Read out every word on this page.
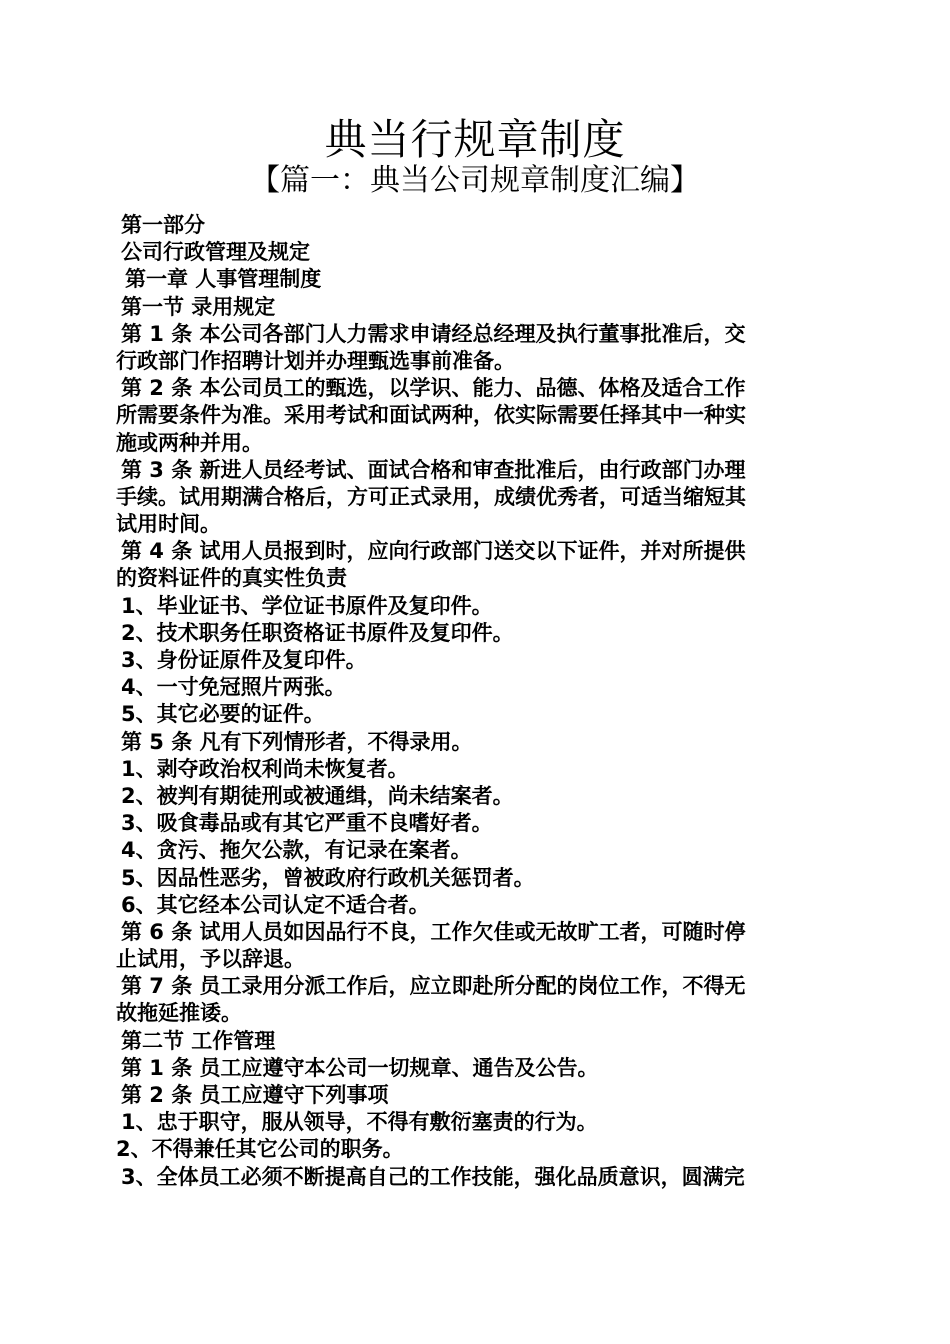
典当行规章制度
【篇一：典当公司规章制度汇编】
第一部分
公司行政管理及规定
第一章 人事管理制度
第一节 录用规定
第 1 条 本公司各部门人力需求申请经总经理及执行董事批准后，交
行政部门作招聘计划并办理甄选事前准备。
第 2 条 本公司员工的甄选，以学识、能力、品德、体格及适合工作
所需要条件为准。采用考试和面试两种，依实际需要任择其中一种实
施或两种并用。
第 3 条 新进人员经考试、面试合格和审查批准后，由行政部门办理
手续。试用期满合格后，方可正式录用，成绩优秀者，可适当缩短其
试用时间。
第 4 条 试用人员报到时，应向行政部门送交以下证件，并对所提供
的资料证件的真实性负责
1、毕业证书、学位证书原件及复印件。
2、技术职务任职资格证书原件及复印件。
3、身份证原件及复印件。
4、一寸免冠照片两张。
5、其它必要的证件。
第 5 条 凡有下列情形者，不得录用。
1、剥夺政治权利尚未恢复者。
2、被判有期徒刑或被通缉，尚未结案者。
3、吸食毒品或有其它严重不良嗜好者。
4、贪污、拖欠公款，有记录在案者。
5、因品性恶劣，曾被政府行政机关惩罚者。
6、其它经本公司认定不适合者。
第 6 条 试用人员如因品行不良，工作欠佳或无故旷工者，可随时停
止试用，予以辞退。
第 7 条 员工录用分派工作后，应立即赴所分配的岗位工作，不得无
故拖延推诿。
第二节 工作管理
第 1 条 员工应遵守本公司一切规章、通告及公告。
第 2 条 员工应遵守下列事项
1、忠于职守，服从领导，不得有敷衍塞责的行为。
2、不得兼任其它公司的职务。
3、全体员工必须不断提高自己的工作技能，强化品质意识，圆满完
